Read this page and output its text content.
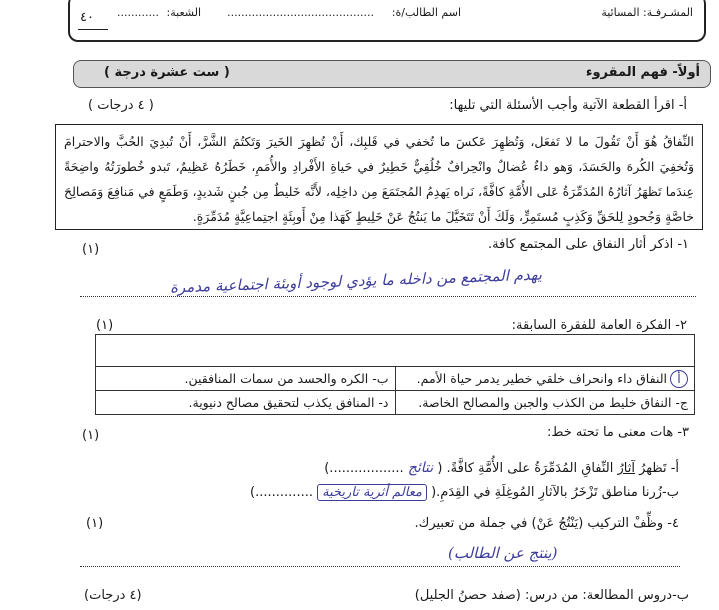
٤٠	المشـرفـة: المسائية
اسم الطالب/ة:
..........................................
الشعبة:
............
أولاً- فهم المقروء
( ست عشرة درجة )
أ- اقرأ القطعة الآتية وأجب الأسئلة التي تليها:
( ٤ درجات )
النِّفاقُ هُوَ أَنْ تَقُولَ ما لا تَفعَل، وَتُظهِرَ عَكسَ ما تُخفي في قَلبِك، أَنْ تُظهِرَ الخَيرَ وَتَكتُمَ الشَّرَّ، أَنْ تُبدِيَ الحُبَّ والاحترامَ وَتُخفِيَ الكُرهَ والحَسَدَ، وَهو داءٌ عُضالٌ وانْحِرافٌ خُلُقِيٌّ خَطِيرٌ في حَياةِ الأَفْرادِ والأُمَمِ، خَطَرُهُ عَظِيمٌ، تَبدو خُطورَتُهُ واضِحَةً عِندَما تَظهَرُ آثارُهُ المُدَمِّرَةُ عَلى الأُمَّةِ كافَّةً، نَراه يَهدِمُ المُجتَمَعَ مِن داخِلِه، لأَنَّه خَليطٌ مِن جُبنٍ شَديدٍ، وَطَمَعٍ في مَنافِعَ وَمَصالِحَ خاصَّةٍ وَجُحودٍ لِلحَقِّ وَكَذِبٍ مُستَمِرٍّ، وَلَكَ أَنْ تَتَخَيَّلَ ما يَنتُجُ عَنْ خَلِيطٍ كَهَذا مِنْ أَوبِئَةٍ اجتِماعِيَّةٍ مُدَمِّرَةٍ.
١- اذكر أثار النفاق على المجتمع كافة.
(١)
يهدم المجتمع من داخله ما يؤدي لوجود أوبئة اجتماعية مدمرة
٢- الفكرة العامة للفقرة السابقة:
(١)
أالنفاق داء وانحراف خلقي خطير يدمر حياة الأمم.	ب- الكره والحسد من سمات المنافقين.
ج- النفاق خليط من الكذب والجبن والمصالح الخاصة.	د- المنافق يكذب لتحقيق مصالح دنيوية.
٣- هات معنى ما تحته خط:
(١)
أ- تَظهرُ آثارُ النِّفاقِ المُدَمِّرَةُ على الأُمَّةِ كافَّةً. ( نتائج ..................)
ب-زُرنا مناطق تَزْخَرُ بالآثارِ المُوغِلَةِ في القِدَمِ.( معالم أثرية تاريخية ..............)
٤- وظِّفْ التركيب (يَنْتُجُ عَنْ) في جملة من تعبيرك.
(١)
(ينتج عن الطالب)
ب-دروس المطالعة: من درس: (صفد حصنُ الجليل)
(٤ درجات)
